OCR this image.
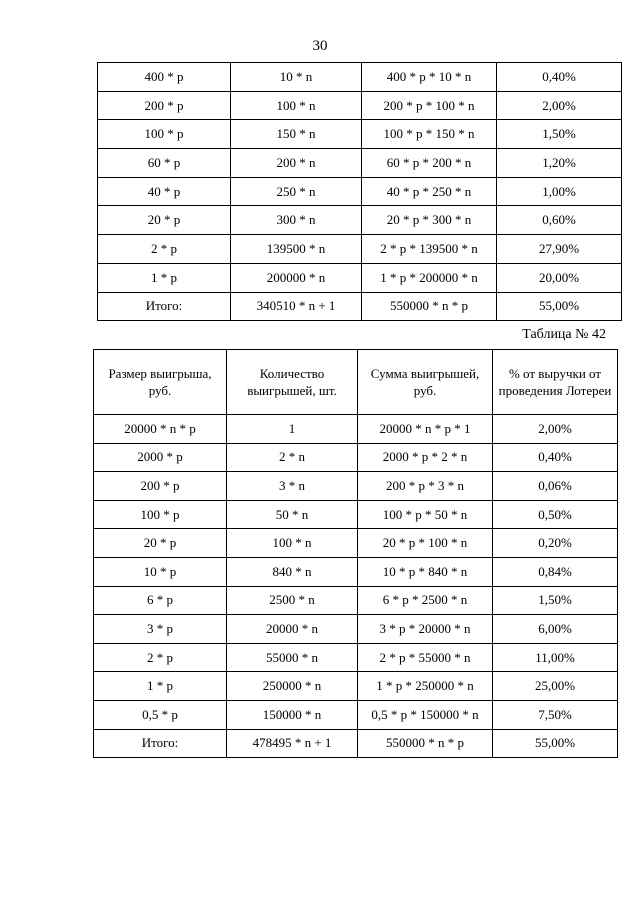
30
400 * p	10 * n	400 * p * 10 * n	0,40%
200 * p	100 * n	200 * p * 100 * n	2,00%
100 * p	150 * n	100 * p * 150 * n	1,50%
60 * p	200 * n	60 * p * 200 * n	1,20%
40 * p	250 * n	40 * p * 250 * n	1,00%
20 * p	300 * n	20 * p * 300 * n	0,60%
2 * p	139500 * n	2 * p * 139500 * n	27,90%
1 * p	200000 * n	1 * p * 200000 * n	20,00%
Итого:	340510 * n + 1	550000 * n * p	55,00%
Таблица № 42
Размер выигрыша, руб.	Количество выигрышей, шт.	Сумма выигрышей, руб.	% от выручки от проведения Лотереи
20000 * n * p	1	20000 * n * p * 1	2,00%
2000 * p	2 * n	2000 * p * 2 * n	0,40%
200 * p	3 * n	200 * p * 3 * n	0,06%
100 * p	50 * n	100 * p * 50 * n	0,50%
20 * p	100 * n	20 * p * 100 * n	0,20%
10 * p	840 * n	10 * p * 840 * n	0,84%
6 * p	2500 * n	6 * p * 2500 * n	1,50%
3 * p	20000 * n	3 * p * 20000 * n	6,00%
2 * p	55000 * n	2 * p * 55000 * n	11,00%
1 * p	250000 * n	1 * p * 250000 * n	25,00%
0,5 * p	150000 * n	0,5 * p * 150000 * n	7,50%
Итого:	478495 * n + 1	550000 * n * p	55,00%
